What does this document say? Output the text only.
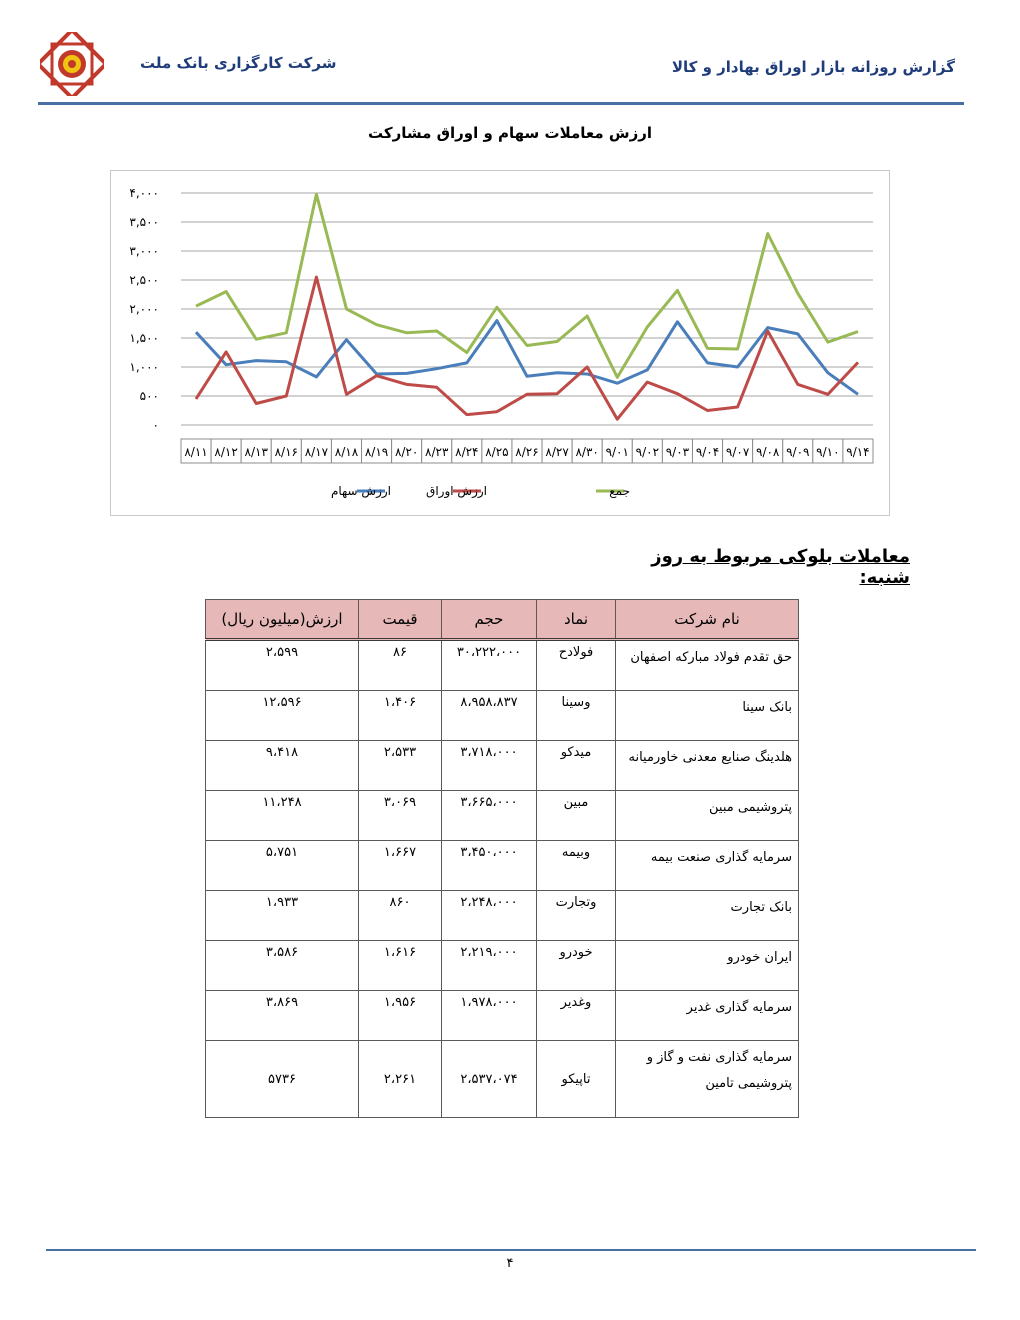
شرکت کارگزاری بانک ملت	گزارش روزانه بازار اوراق بهادار و کالا
ارزش معاملات سهام و اوراق مشارکت
۰
۵۰۰
۱,۰۰۰
۱,۵۰۰
۲,۰۰۰
۲,۵۰۰
۳,۰۰۰
۳,۵۰۰
۴,۰۰۰
۸/۱۱ ۸/۱۲ ۸/۱۳ ۸/۱۶ ۸/۱۷ ۸/۱۸ ۸/۱۹ ۸/۲۰ ۸/۲۳ ۸/۲۴ ۸/۲۵ ۸/۲۶ ۸/۲۷ ۸/۳۰ ۹/۰۱ ۹/۰۲ ۹/۰۳ ۹/۰۴ ۹/۰۷ ۹/۰۸ ۹/۰۹ ۹/۱۰ ۹/۱۴
ارزش سهام	ارزش اوراق	جمع
معاملات بلوکی مربوط به روز شنبه:
نام شرکت	نماد	حجم	قیمت	ارزش(میلیون ریال)
حق تقدم فولاد مبارکه اصفهان	فولادح	۳۰،۲۲۲،۰۰۰	۸۶	۲،۵۹۹
بانک سینا	وسینا	۸،۹۵۸،۸۳۷	۱،۴۰۶	۱۲،۵۹۶
هلدینگ صنایع معدنی خاورمیانه	میدکو	۳،۷۱۸،۰۰۰	۲،۵۳۳	۹،۴۱۸
پتروشیمی مبین	مبین	۳،۶۶۵،۰۰۰	۳،۰۶۹	۱۱،۲۴۸
سرمایه گذاری صنعت بیمه	وبیمه	۳،۴۵۰،۰۰۰	۱،۶۶۷	۵،۷۵۱
بانک تجارت	وتجارت	۲،۲۴۸،۰۰۰	۸۶۰	۱،۹۳۳
ایران خودرو	خودرو	۲،۲۱۹،۰۰۰	۱،۶۱۶	۳،۵۸۶
سرمایه گذاری غدیر	وغدیر	۱،۹۷۸،۰۰۰	۱،۹۵۶	۳،۸۶۹
سرمایه گذاری نفت و گاز و پتروشیمی تامین	تاپیکو	۲،۵۳۷،۰۷۴	۲،۲۶۱	۵۷۳۶
۴
